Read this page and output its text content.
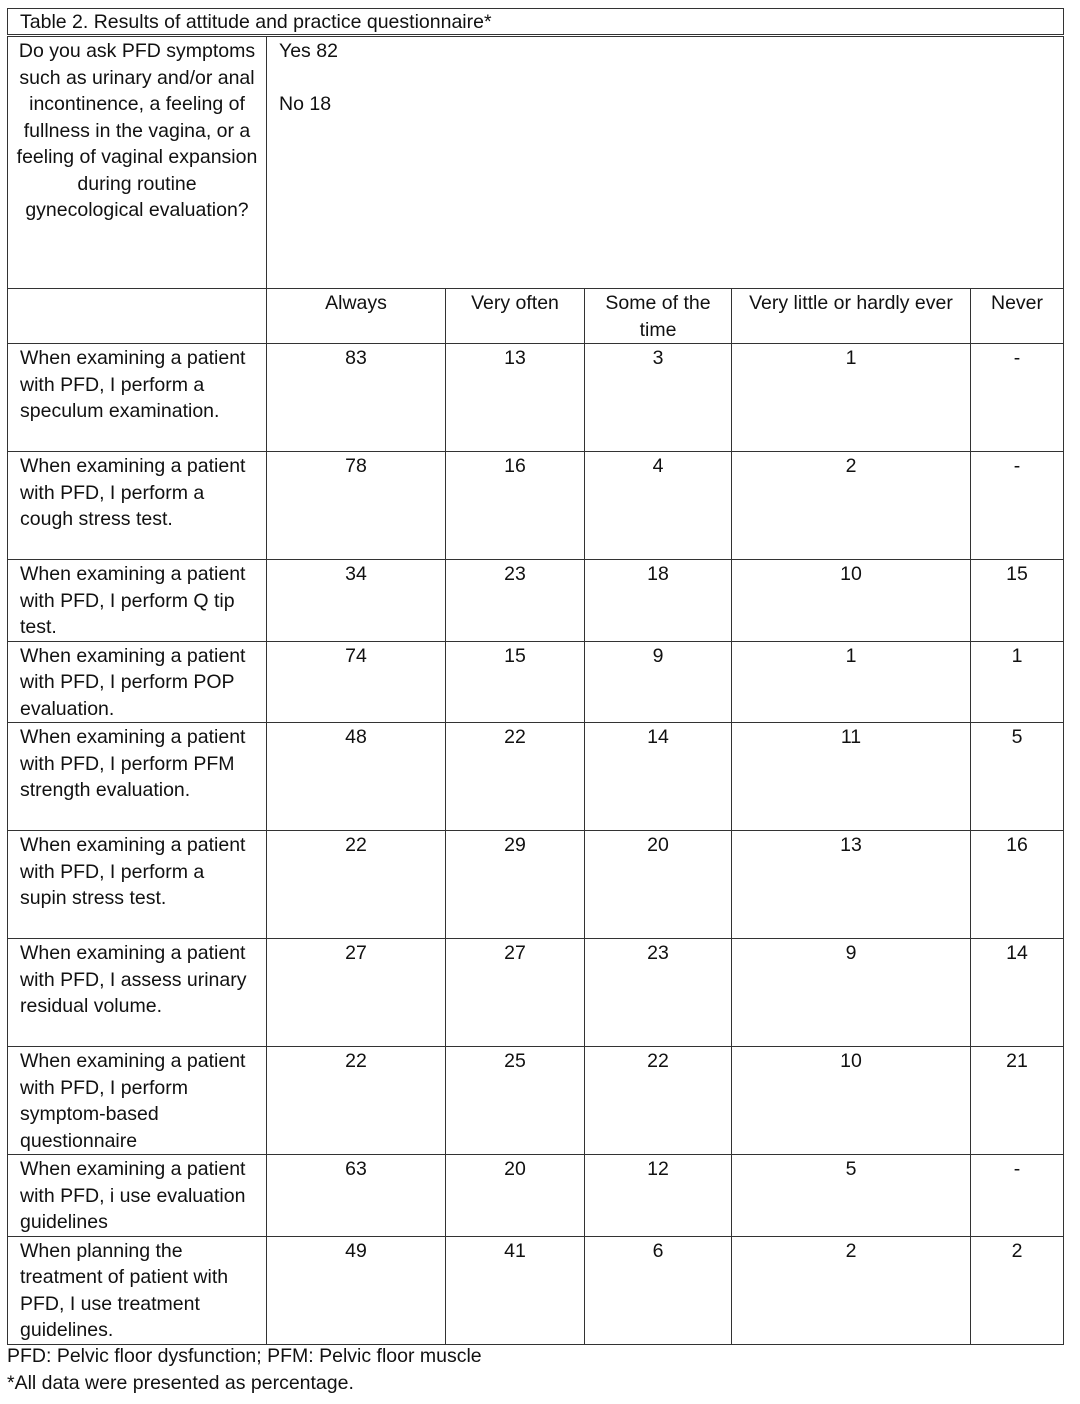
Table 2. Results of attitude and practice questionnaire*
Do you ask PFD symptoms such as urinary and/or anal incontinence, a feeling of fullness in the vagina, or a feeling of vaginal expansion during routine gynecological evaluation?	Yes 82
No 18				

	Always	Very often	Some of the time	Very little or hardly ever	Never
When examining a patient with PFD, I perform a speculum examination.	83	13	3	1	-
When examining a patient with PFD, I perform a cough stress test.	78	16	4	2	-
When examining a patient with PFD, I perform Q tip test.	34	23	18	10	15
When examining a patient with PFD, I perform POP evaluation.	74	15	9	1	1
When examining a patient with PFD, I perform PFM strength evaluation.	48	22	14	11	5
When examining a patient with PFD, I perform a supin stress test.	22	29	20	13	16
When examining a patient with PFD, I assess urinary residual volume.	27	27	23	9	14
When examining a patient with PFD, I perform symptom-based questionnaire	22	25	22	10	21
When examining a patient with PFD, i use evaluation guidelines	63	20	12	5	-
When planning the treatment of patient with PFD, I use treatment guidelines.	49	41	6	2	2
PFD: Pelvic floor dysfunction; PFM: Pelvic floor muscle
*All data were presented as percentage.
